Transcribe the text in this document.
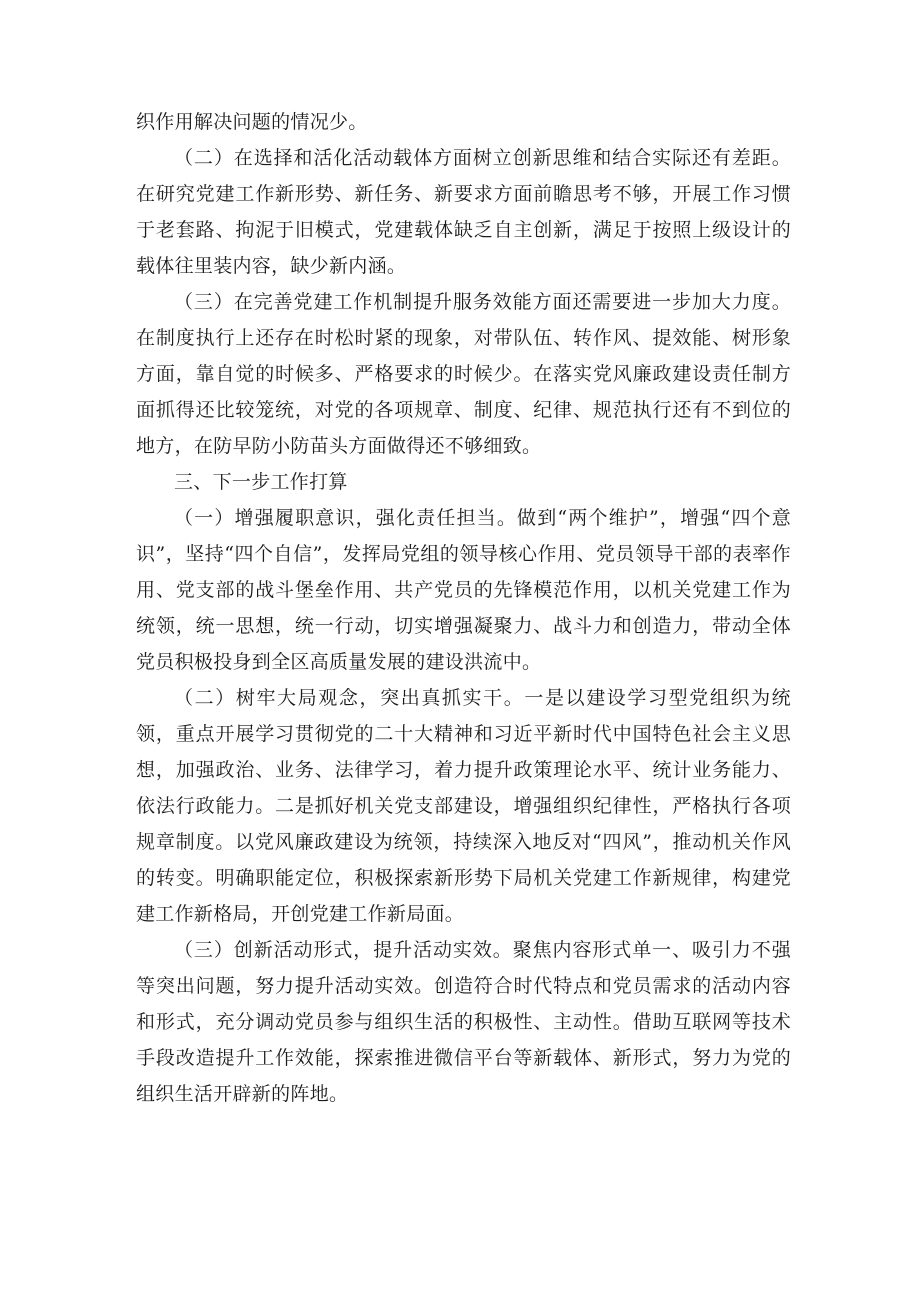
织作用解决问题的情况少。

（二）在选择和活化活动载体方面树立创新思维和结合实际还有差距。在研究党建工作新形势、新任务、新要求方面前瞻思考不够，开展工作习惯于老套路、拘泥于旧模式，党建载体缺乏自主创新，满足于按照上级设计的载体往里装内容，缺少新内涵。

（三）在完善党建工作机制提升服务效能方面还需要进一步加大力度。在制度执行上还存在时松时紧的现象，对带队伍、转作风、提效能、树形象方面，靠自觉的时候多、严格要求的时候少。在落实党风廉政建设责任制方面抓得还比较笼统，对党的各项规章、制度、纪律、规范执行还有不到位的地方，在防早防小防苗头方面做得还不够细致。

三、下一步工作打算

（一）增强履职意识，强化责任担当。做到“两个维护”，增强“四个意识”，坚持“四个自信”，发挥局党组的领导核心作用、党员领导干部的表率作用、党支部的战斗堡垒作用、共产党员的先锋模范作用，以机关党建工作为统领，统一思想，统一行动，切实增强凝聚力、战斗力和创造力，带动全体党员积极投身到全区高质量发展的建设洪流中。

（二）树牢大局观念，突出真抓实干。一是以建设学习型党组织为统领，重点开展学习贯彻党的二十大精神和习近平新时代中国特色社会主义思想，加强政治、业务、法律学习，着力提升政策理论水平、统计业务能力、依法行政能力。二是抓好机关党支部建设，增强组织纪律性，严格执行各项规章制度。以党风廉政建设为统领，持续深入地反对“四风”，推动机关作风的转变。明确职能定位，积极探索新形势下局机关党建工作新规律，构建党建工作新格局，开创党建工作新局面。

（三）创新活动形式，提升活动实效。聚焦内容形式单一、吸引力不强等突出问题，努力提升活动实效。创造符合时代特点和党员需求的活动内容和形式，充分调动党员参与组织生活的积极性、主动性。借助互联网等技术手段改造提升工作效能，探索推进微信平台等新载体、新形式，努力为党的组织生活开辟新的阵地。
